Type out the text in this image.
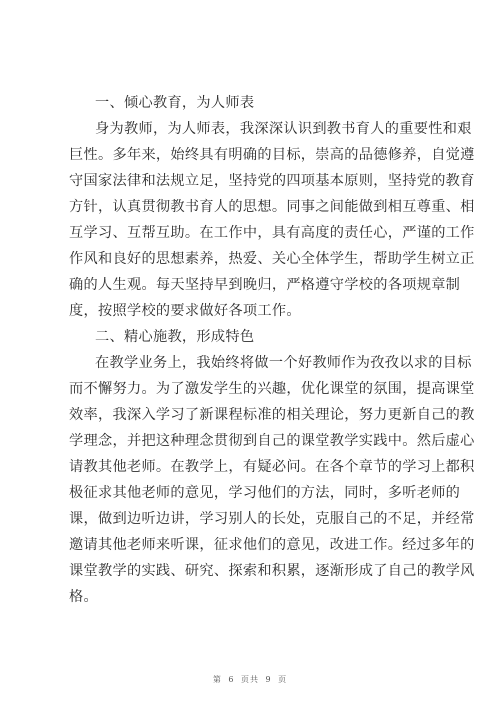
一、倾心教育，为人师表
身为教师，为人师表，我深深认识到教书育人的重要性和艰
巨性。多年来，始终具有明确的目标，崇高的品德修养，自觉遵
守国家法律和法规立足，坚持党的四项基本原则，坚持党的教育
方针，认真贯彻教书育人的思想。同事之间能做到相互尊重、相
互学习、互帮互助。在工作中，具有高度的责任心，严谨的工作
作风和良好的思想素养，热爱、关心全体学生，帮助学生树立正
确的人生观。每天坚持早到晚归，严格遵守学校的各项规章制
度，按照学校的要求做好各项工作。
二、精心施教，形成特色
在教学业务上，我始终将做一个好教师作为孜孜以求的目标
而不懈努力。为了激发学生的兴趣，优化课堂的氛围，提高课堂
效率，我深入学习了新课程标准的相关理论，努力更新自己的教
学理念，并把这种理念贯彻到自己的课堂教学实践中。然后虚心
请教其他老师。在教学上，有疑必问。在各个章节的学习上都积
极征求其他老师的意见，学习他们的方法，同时，多听老师的
课，做到边听边讲，学习别人的长处，克服自己的不足，并经常
邀请其他老师来听课，征求他们的意见，改进工作。经过多年的
课堂教学的实践、研究、探索和积累，逐渐形成了自己的教学风
格。
第 6 页共 9 页
